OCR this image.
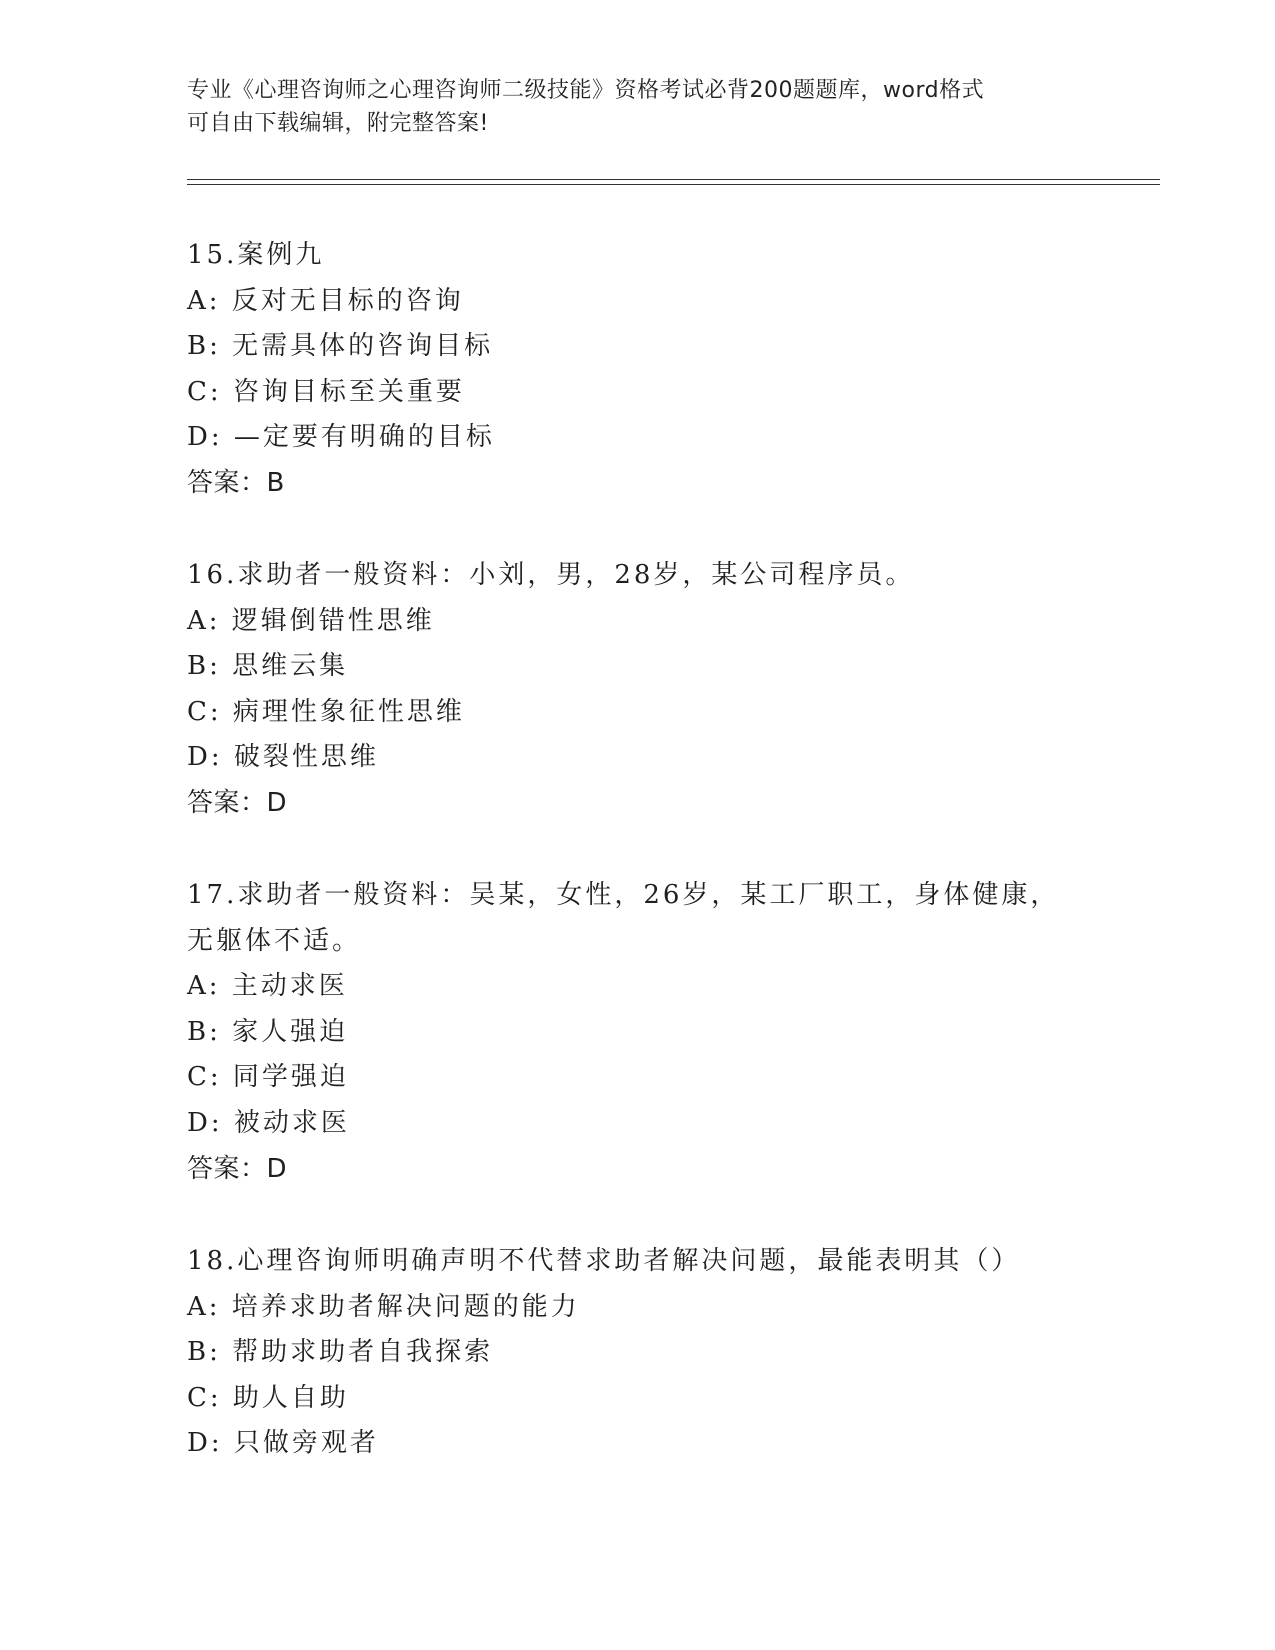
专业《心理咨询师之心理咨询师二级技能》资格考试必背200题题库，word格式
可自由下载编辑，附完整答案!
15.案例九
A: 反对无目标的咨询
B: 无需具体的咨询目标
C: 咨询目标至关重要
D: —定要有明确的目标
答案：B
16.求助者一般资料：小刘，男，28岁，某公司程序员。
A: 逻辑倒错性思维
B: 思维云集
C: 病理性象征性思维
D: 破裂性思维
答案：D
17.求助者一般资料：吴某，女性，26岁，某工厂职工，身体健康，无躯体不适。
A: 主动求医
B: 家人强迫
C: 同学强迫
D: 被动求医
答案：D
18.心理咨询师明确声明不代替求助者解决问题，最能表明其（）
A: 培养求助者解决问题的能力
B: 帮助求助者自我探索
C: 助人自助
D: 只做旁观者
